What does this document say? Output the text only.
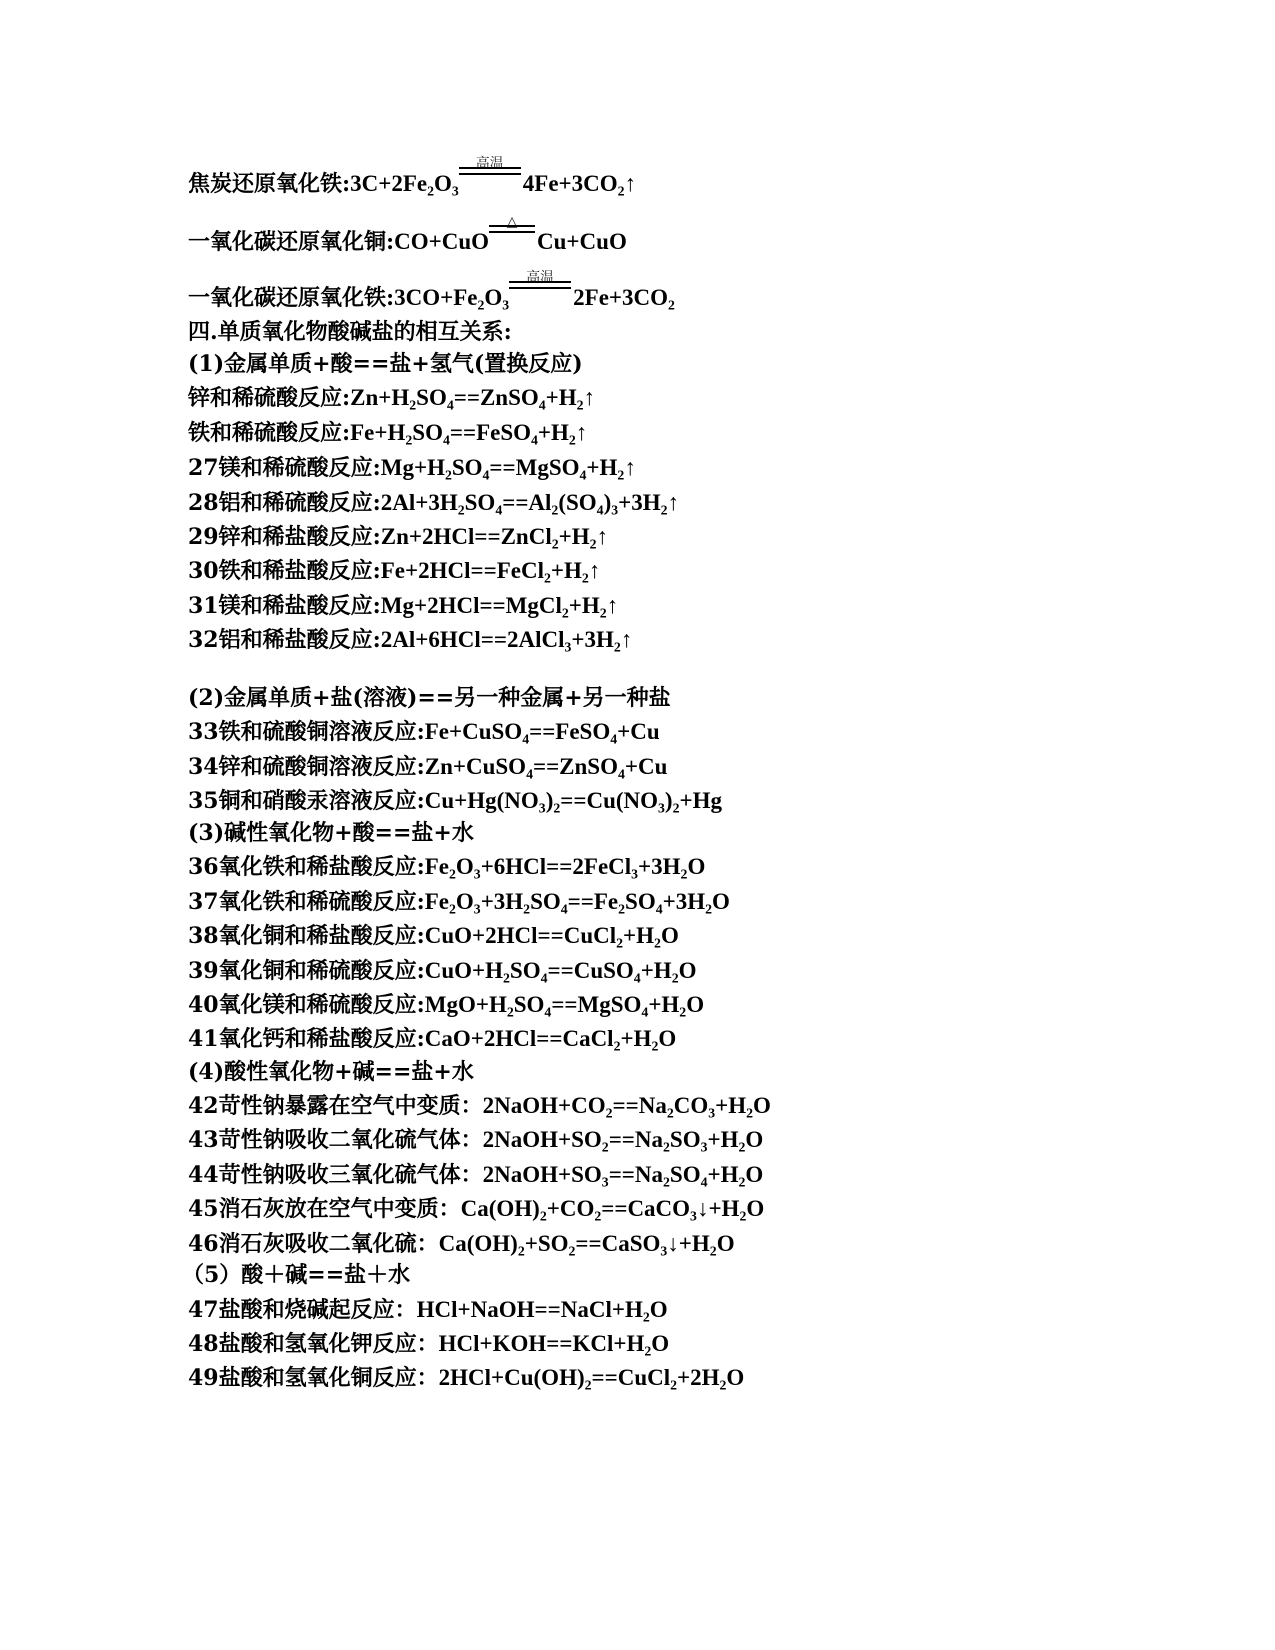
焦炭还原氧化铁:3C+2Fe₂O₃
高温
4Fe+3CO₂↑
一氧化碳还原氧化铜:CO+CuO
△
Cu+CuO
一氧化碳还原氧化铁:3CO+Fe₂O₃
高温
2Fe+3CO₂
四.单质氧化物酸碱盐的相互关系:
(1)金属单质+酸==盐+氢气(置换反应)
锌和稀硫酸反应:Zn+H₂SO₄==ZnSO₄+H₂↑
铁和稀硫酸反应:Fe+H₂SO₄==FeSO₄+H₂↑
27镁和稀硫酸反应:Mg+H₂SO₄==MgSO₄+H₂↑
28铝和稀硫酸反应:2Al+3H₂SO₄==Al₂(SO₄)₃+3H₂↑
29锌和稀盐酸反应:Zn+2HCl==ZnCl₂+H₂↑
30铁和稀盐酸反应:Fe+2HCl==FeCl₂+H₂↑
31镁和稀盐酸反应:Mg+2HCl==MgCl₂+H₂↑
32铝和稀盐酸反应:2Al+6HCl==2AlCl₃+3H₂↑
(2)金属单质+盐(溶液)==另一种金属+另一种盐
33铁和硫酸铜溶液反应:Fe+CuSO₄==FeSO₄+Cu
34锌和硫酸铜溶液反应:Zn+CuSO₄==ZnSO₄+Cu
35铜和硝酸汞溶液反应:Cu+Hg(NO₃)₂==Cu(NO₃)₂+Hg
(3)碱性氧化物+酸==盐+水
36氧化铁和稀盐酸反应:Fe₂O₃+6HCl==2FeCl₃+3H₂O
37氧化铁和稀硫酸反应:Fe₂O₃+3H₂SO₄==Fe₂SO₄+3H₂O
38氧化铜和稀盐酸反应:CuO+2HCl==CuCl₂+H₂O
39氧化铜和稀硫酸反应:CuO+H₂SO₄==CuSO₄+H₂O
40氧化镁和稀硫酸反应:MgO+H₂SO₄==MgSO₄+H₂O
41氧化钙和稀盐酸反应:CaO+2HCl==CaCl₂+H₂O
(4)酸性氧化物+碱==盐+水
42苛性钠暴露在空气中变质：2NaOH+CO₂==Na₂CO₃+H₂O
43苛性钠吸收二氧化硫气体：2NaOH+SO₂==Na₂SO₃+H₂O
44苛性钠吸收三氧化硫气体：2NaOH+SO₃==Na₂SO₄+H₂O
45消石灰放在空气中变质：Ca(OH)₂+CO₂==CaCO₃↓+H₂O
46消石灰吸收二氧化硫：Ca(OH)₂+SO₂==CaSO₃↓+H₂O
（5）酸＋碱==盐＋水
47盐酸和烧碱起反应：HCl+NaOH==NaCl+H₂O
48盐酸和氢氧化钾反应：HCl+KOH==KCl+H₂O
49盐酸和氢氧化铜反应：2HCl+Cu(OH)₂==CuCl₂+2H₂O
